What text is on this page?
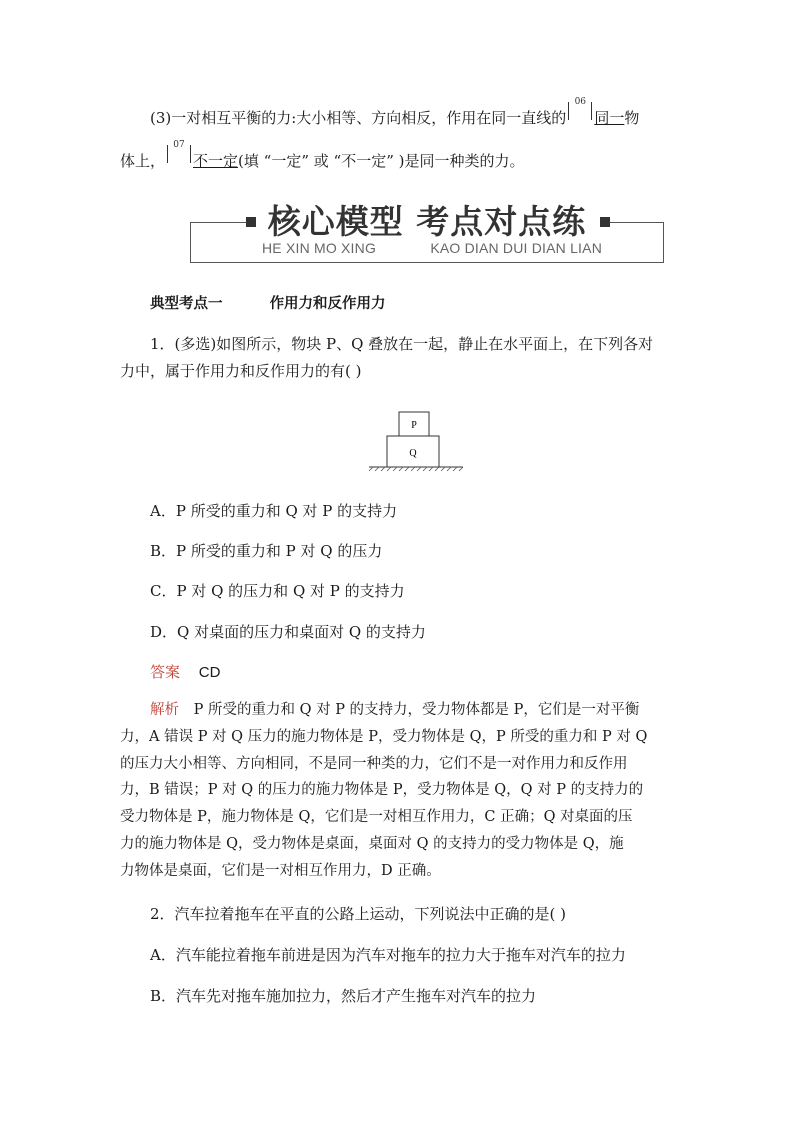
(3)一对相互平衡的力:大小相等、方向相反，作用在同一直线的
06
同一物
体上，
07
不一定(填 “一定” 或 “不一定” )是同一种类的力。
核心模型 考点对点练
HE XIN MO XING	KAO DIAN DUI DIAN LIAN
典型考点一	作用力和反作用力
1．(多选)如图所示，物块 P、Q 叠放在一起，静止在水平面上，在下列各对
力中，属于作用力和反作用力的有( )
P
Q
A．P 所受的重力和 Q 对 P 的支持力
B．P 所受的重力和 P 对 Q 的压力
C．P 对 Q 的压力和 Q 对 P 的支持力
D．Q 对桌面的压力和桌面对 Q 的支持力
答案 CD
解析 P 所受的重力和 Q 对 P 的支持力，受力物体都是 P，它们是一对平衡
力，A 错误 P 对 Q 压力的施力物体是 P，受力物体是 Q，P 所受的重力和 P 对 Q
的压力大小相等、方向相同，不是同一种类的力，它们不是一对作用力和反作用
力，B 错误；P 对 Q 的压力的施力物体是 P，受力物体是 Q，Q 对 P 的支持力的
受力物体是 P，施力物体是 Q，它们是一对相互作用力，C 正确；Q 对桌面的压
力的施力物体是 Q，受力物体是桌面，桌面对 Q 的支持力的受力物体是 Q，施
力物体是桌面，它们是一对相互作用力，D 正确。
2．汽车拉着拖车在平直的公路上运动，下列说法中正确的是( )
A．汽车能拉着拖车前进是因为汽车对拖车的拉力大于拖车对汽车的拉力
B．汽车先对拖车施加拉力，然后才产生拖车对汽车的拉力
